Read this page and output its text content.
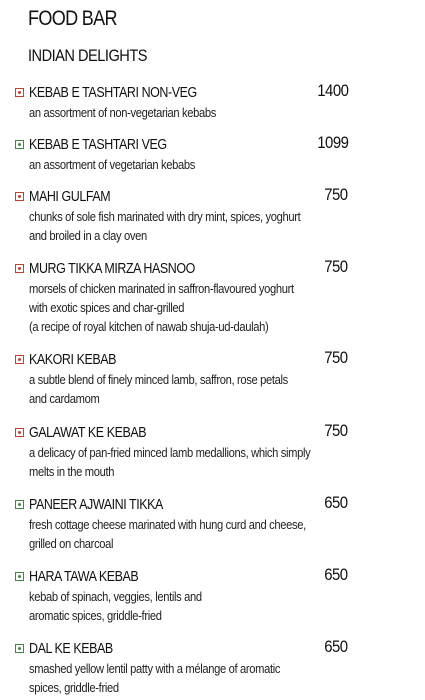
FOOD BAR
INDIAN DELIGHTS
KEBAB E TASHTARI NON-VEG	1400
an assortment of non-vegetarian kebabs
KEBAB E TASHTARI VEG	1099
an assortment of vegetarian kebabs
MAHI GULFAM	750
chunks of sole fish marinated with dry mint, spices, yoghurt
and broiled in a clay oven
MURG TIKKA MIRZA HASNOO	750
morsels of chicken marinated in saffron-flavoured yoghurt
with exotic spices and char-grilled
(a recipe of royal kitchen of nawab shuja-ud-daulah)
KAKORI KEBAB	750
a subtle blend of finely minced lamb, saffron, rose petals
and cardamom
GALAWAT KE KEBAB	750
a delicacy of pan-fried minced lamb medallions, which simply
melts in the mouth
PANEER AJWAINI TIKKA	650
fresh cottage cheese marinated with hung curd and cheese,
grilled on charcoal
HARA TAWA KEBAB	650
kebab of spinach, veggies, lentils and
aromatic spices, griddle-fried
DAL KE KEBAB	650
smashed yellow lentil patty with a mélange of aromatic
spices, griddle-fried
